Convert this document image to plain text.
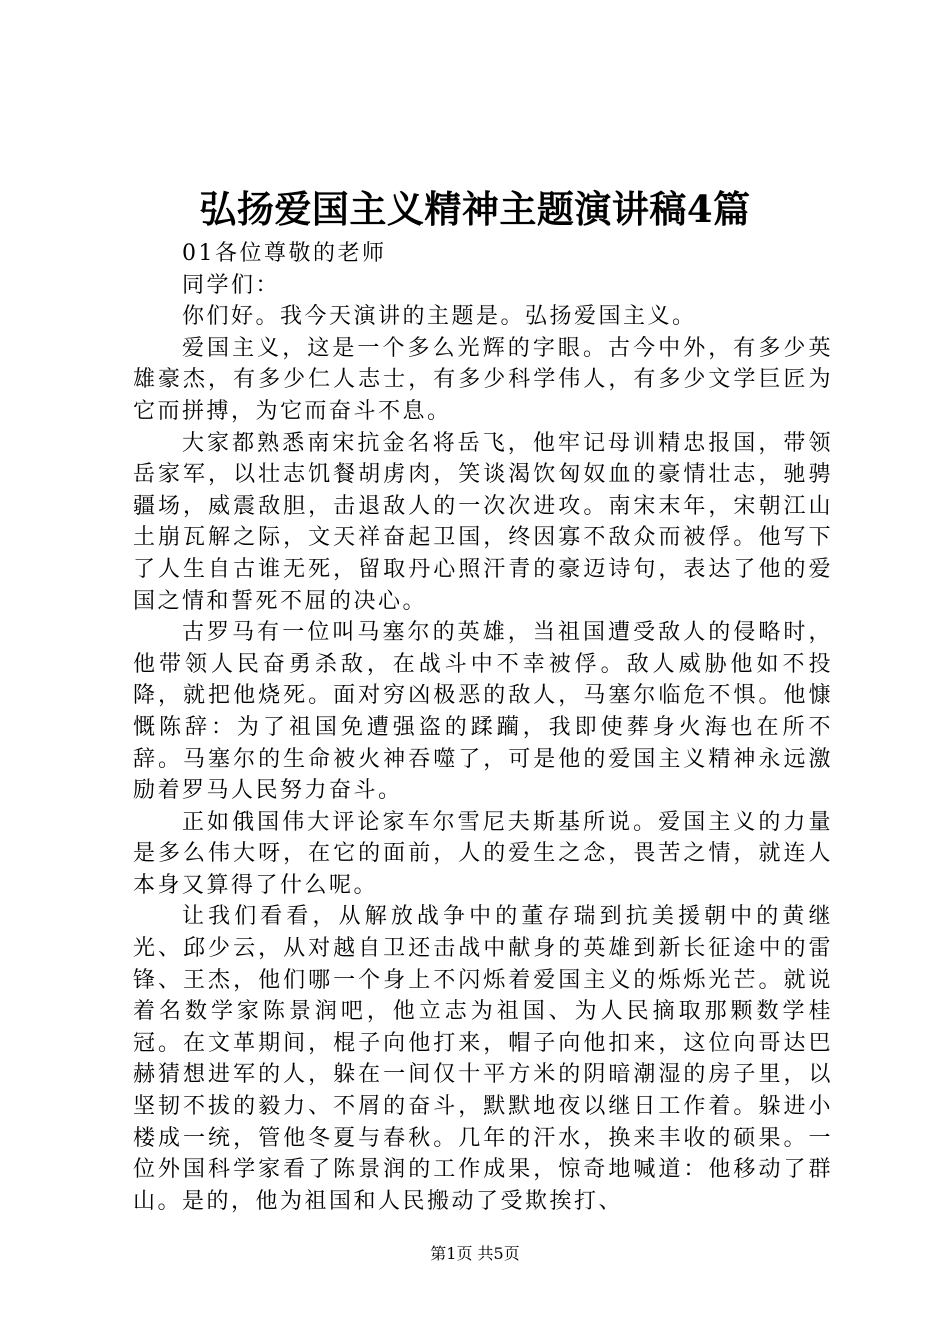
弘扬爱国主义精神主题演讲稿4篇

01各位尊敬的老师

同学们：

你们好。我今天演讲的主题是。弘扬爱国主义。

爱国主义，这是一个多么光辉的字眼。古今中外，有多少英雄豪杰，有多少仁人志士，有多少科学伟人，有多少文学巨匠为它而拼搏，为它而奋斗不息。

大家都熟悉南宋抗金名将岳飞，他牢记母训精忠报国，带领岳家军，以壮志饥餐胡虏肉，笑谈渴饮匈奴血的豪情壮志，驰骋疆场，威震敌胆，击退敌人的一次次进攻。南宋末年，宋朝江山土崩瓦解之际，文天祥奋起卫国，终因寡不敌众而被俘。他写下了人生自古谁无死，留取丹心照汗青的豪迈诗句，表达了他的爱国之情和誓死不屈的决心。

古罗马有一位叫马塞尔的英雄，当祖国遭受敌人的侵略时，他带领人民奋勇杀敌，在战斗中不幸被俘。敌人威胁他如不投降，就把他烧死。面对穷凶极恶的敌人，马塞尔临危不惧。他慷慨陈辞：为了祖国免遭强盗的蹂躏，我即使葬身火海也在所不辞。马塞尔的生命被火神吞噬了，可是他的爱国主义精神永远激励着罗马人民努力奋斗。

正如俄国伟大评论家车尔雪尼夫斯基所说。爱国主义的力量是多么伟大呀，在它的面前，人的爱生之念，畏苦之情，就连人本身又算得了什么呢。

让我们看看，从解放战争中的董存瑞到抗美援朝中的黄继光、邱少云，从对越自卫还击战中献身的英雄到新长征途中的雷锋、王杰，他们哪一个身上不闪烁着爱国主义的烁烁光芒。就说着名数学家陈景润吧，他立志为祖国、为人民摘取那颗数学桂冠。在文革期间，棍子向他打来，帽子向他扣来，这位向哥达巴赫猜想进军的人，躲在一间仅十平方米的阴暗潮湿的房子里，以坚韧不拔的毅力、不屑的奋斗，默默地夜以继日工作着。躲进小楼成一统，管他冬夏与春秋。几年的汗水，换来丰收的硕果。一位外国科学家看了陈景润的工作成果，惊奇地喊道：他移动了群山。是的，他为祖国和人民搬动了受欺挨打、

第1页 共5页
